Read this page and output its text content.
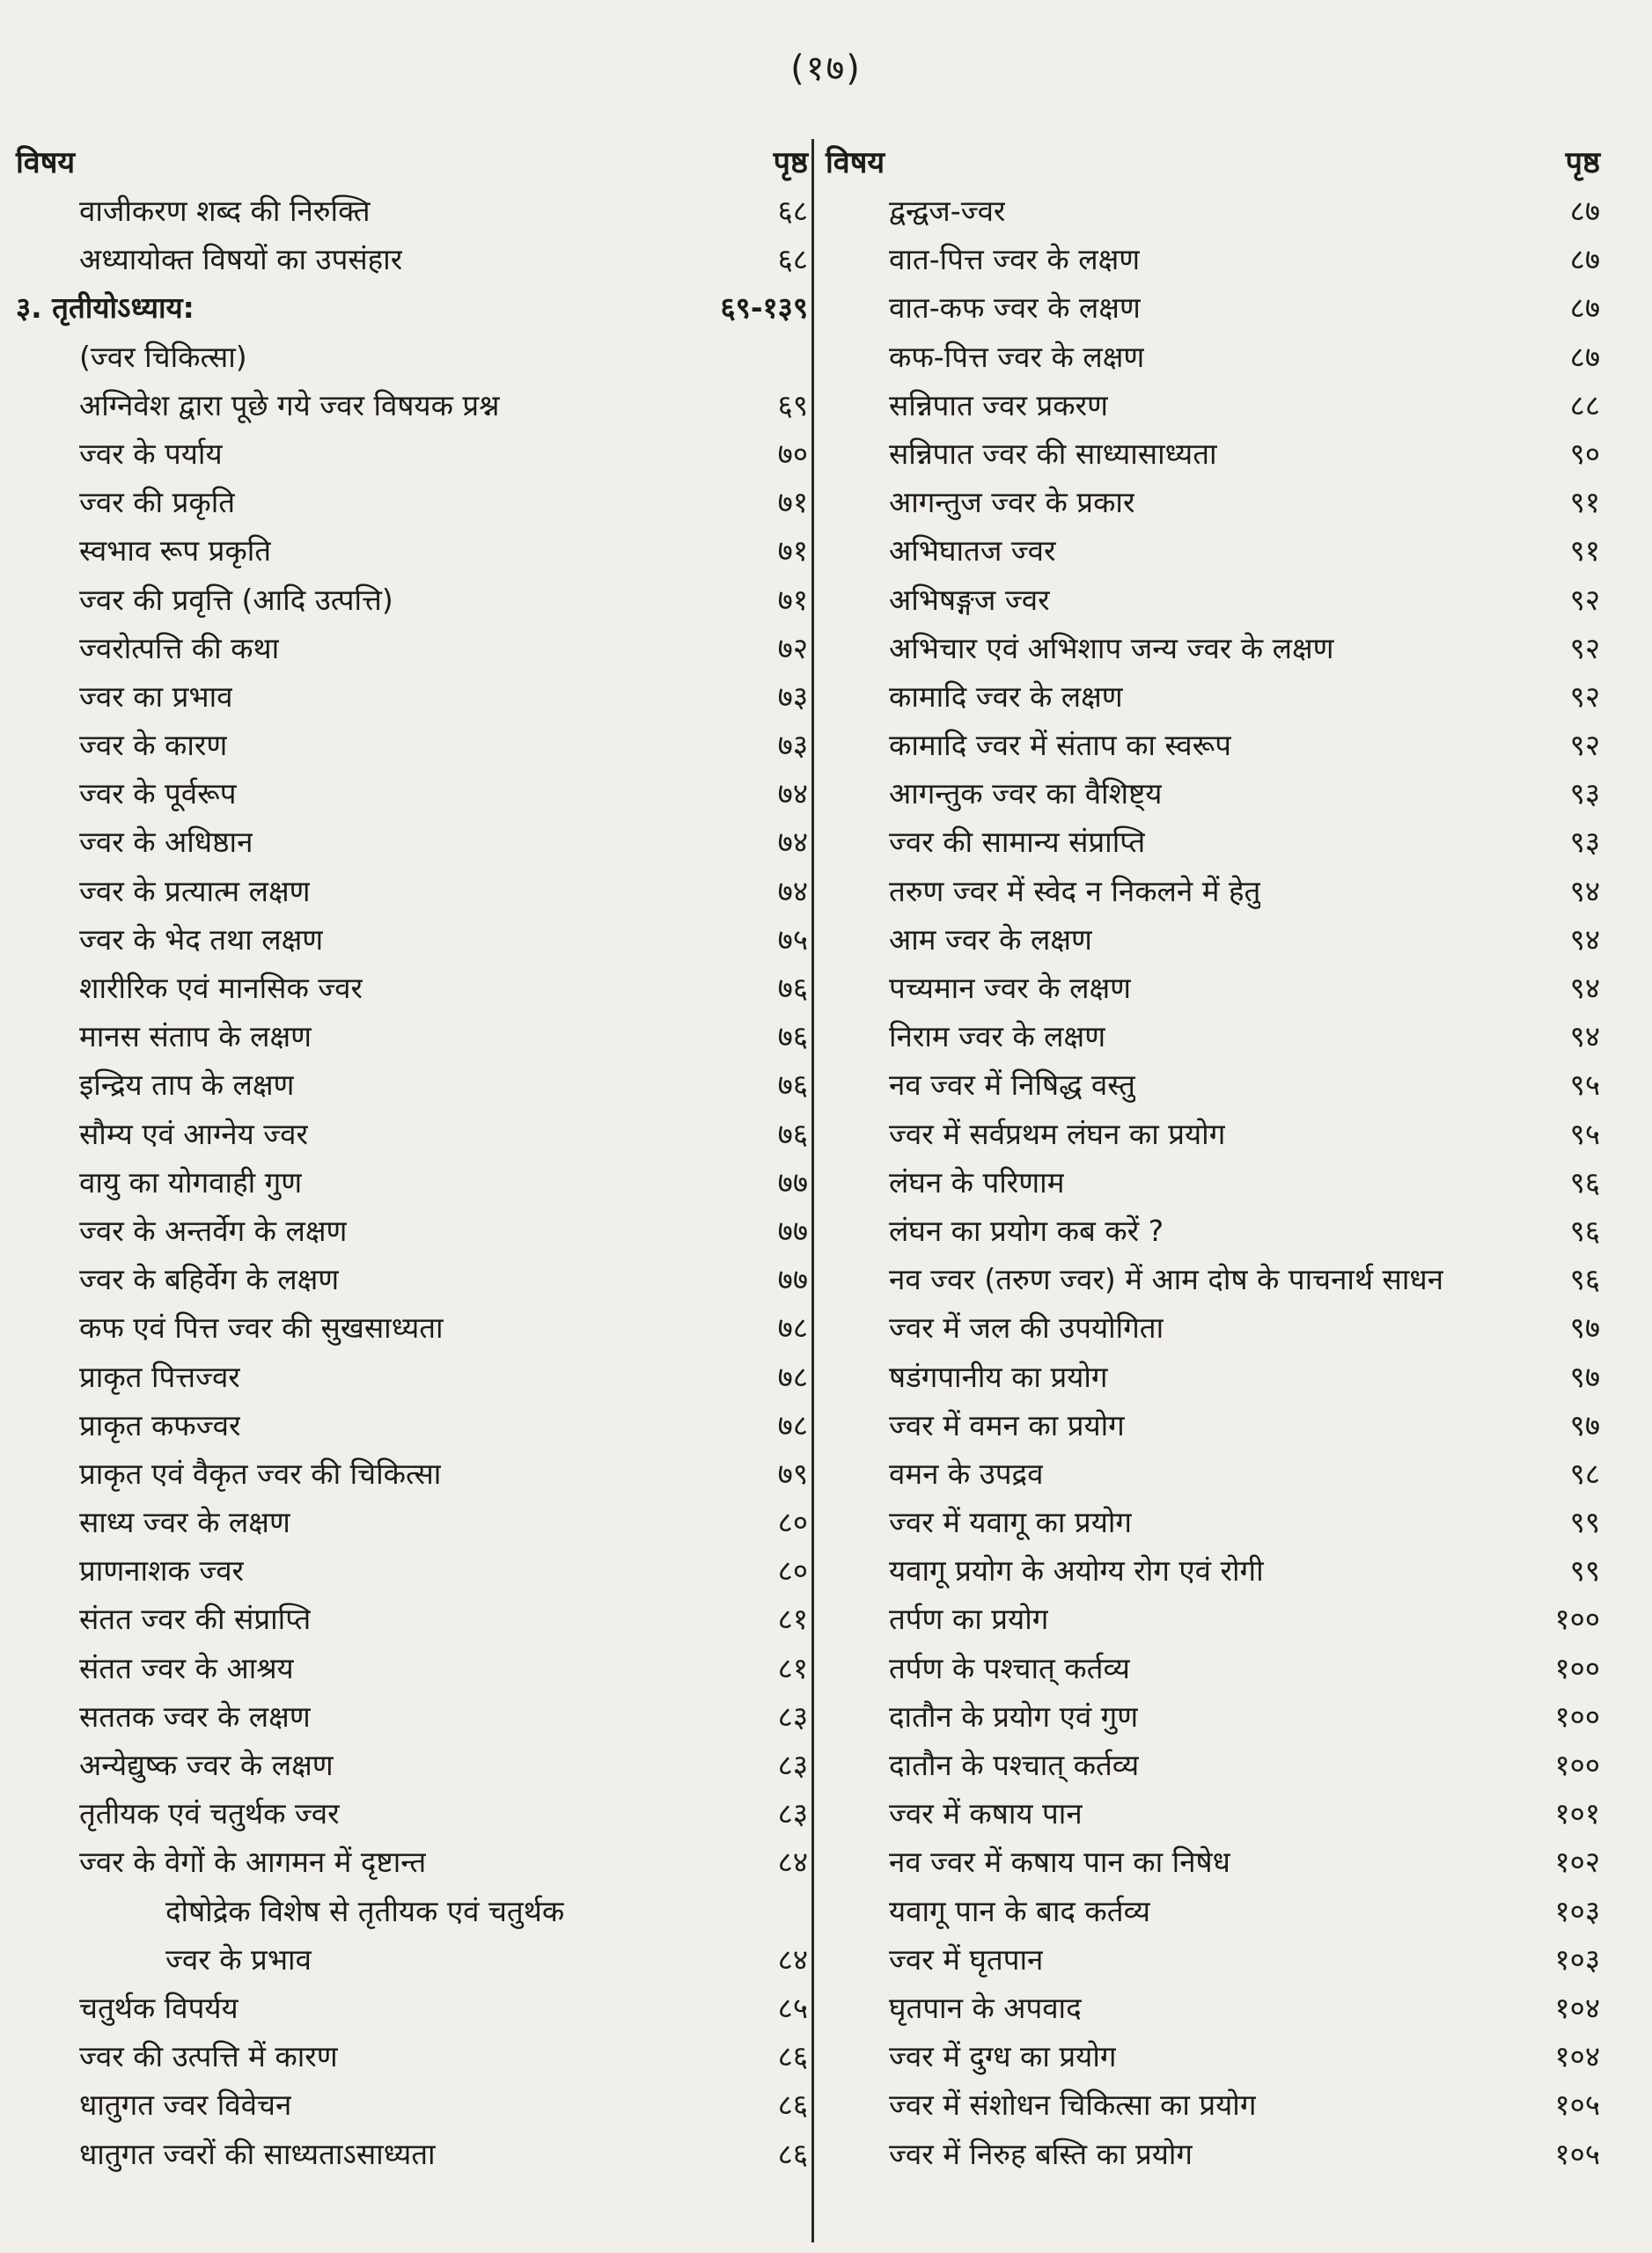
(१७)
विषय	पृष्ठ
वाजीकरण शब्द की निरुक्ति	६८
अध्यायोक्त विषयों का उपसंहार	६८
३. तृतीयोऽध्याय:	६९-१३९
(ज्वर चिकित्सा)
अग्निवेश द्वारा पूछे गये ज्वर विषयक प्रश्न	६९
ज्वर के पर्याय	७०
ज्वर की प्रकृति	७१
स्वभाव रूप प्रकृति	७१
ज्वर की प्रवृत्ति (आदि उत्पत्ति)	७१
ज्वरोत्पत्ति की कथा	७२
ज्वर का प्रभाव	७३
ज्वर के कारण	७३
ज्वर के पूर्वरूप	७४
ज्वर के अधिष्ठान	७४
ज्वर के प्रत्यात्म लक्षण	७४
ज्वर के भेद तथा लक्षण	७५
शारीरिक एवं मानसिक ज्वर	७६
मानस संताप के लक्षण	७६
इन्द्रिय ताप के लक्षण	७६
सौम्य एवं आग्नेय ज्वर	७६
वायु का योगवाही गुण	७७
ज्वर के अन्तर्वेग के लक्षण	७७
ज्वर के बहिर्वेग के लक्षण	७७
कफ एवं पित्त ज्वर की सुखसाध्यता	७८
प्राकृत पित्तज्वर	७८
प्राकृत कफज्वर	७८
प्राकृत एवं वैकृत ज्वर की चिकित्सा	७९
साध्य ज्वर के लक्षण	८०
प्राणनाशक ज्वर	८०
संतत ज्वर की संप्राप्ति	८१
संतत ज्वर के आश्रय	८१
सततक ज्वर के लक्षण	८३
अन्येद्युष्क ज्वर के लक्षण	८३
तृतीयक एवं चतुर्थक ज्वर	८३
ज्वर के वेगों के आगमन में दृष्टान्त	८४
दोषोद्रेक विशेष से तृतीयक एवं चतुर्थक
ज्वर के प्रभाव	८४
चतुर्थक विपर्यय	८५
ज्वर की उत्पत्ति में कारण	८६
धातुगत ज्वर विवेचन	८६
धातुगत ज्वरों की साध्यताऽसाध्यता	८६
विषय	पृष्ठ
द्वन्द्वज-ज्वर	८७
वात-पित्त ज्वर के लक्षण	८७
वात-कफ ज्वर के लक्षण	८७
कफ-पित्त ज्वर के लक्षण	८७
सन्निपात ज्वर प्रकरण	८८
सन्निपात ज्वर की साध्यासाध्यता	९०
आगन्तुज ज्वर के प्रकार	९१
अभिघातज ज्वर	९१
अभिषङ्गज ज्वर	९२
अभिचार एवं अभिशाप जन्य ज्वर के लक्षण	९२
कामादि ज्वर के लक्षण	९२
कामादि ज्वर में संताप का स्वरूप	९२
आगन्तुक ज्वर का वैशिष्ट्य	९३
ज्वर की सामान्य संप्राप्ति	९३
तरुण ज्वर में स्वेद न निकलने में हेतु	९४
आम ज्वर के लक्षण	९४
पच्यमान ज्वर के लक्षण	९४
निराम ज्वर के लक्षण	९४
नव ज्वर में निषिद्ध वस्तु	९५
ज्वर में सर्वप्रथम लंघन का प्रयोग	९५
लंघन के परिणाम	९६
लंघन का प्रयोग कब करें ?	९६
नव ज्वर (तरुण ज्वर) में आम दोष के पाचनार्थ साधन	९६
ज्वर में जल की उपयोगिता	९७
षडंगपानीय का प्रयोग	९७
ज्वर में वमन का प्रयोग	९७
वमन के उपद्रव	९८
ज्वर में यवागू का प्रयोग	९९
यवागू प्रयोग के अयोग्य रोग एवं रोगी	९९
तर्पण का प्रयोग	१००
तर्पण के पश्चात् कर्तव्य	१००
दातौन के प्रयोग एवं गुण	१००
दातौन के पश्चात् कर्तव्य	१००
ज्वर में कषाय पान	१०१
नव ज्वर में कषाय पान का निषेध	१०२
यवागू पान के बाद कर्तव्य	१०३
ज्वर में घृतपान	१०३
घृतपान के अपवाद	१०४
ज्वर में दुग्ध का प्रयोग	१०४
ज्वर में संशोधन चिकित्सा का प्रयोग	१०५
ज्वर में निरुह बस्ति का प्रयोग	१०५
